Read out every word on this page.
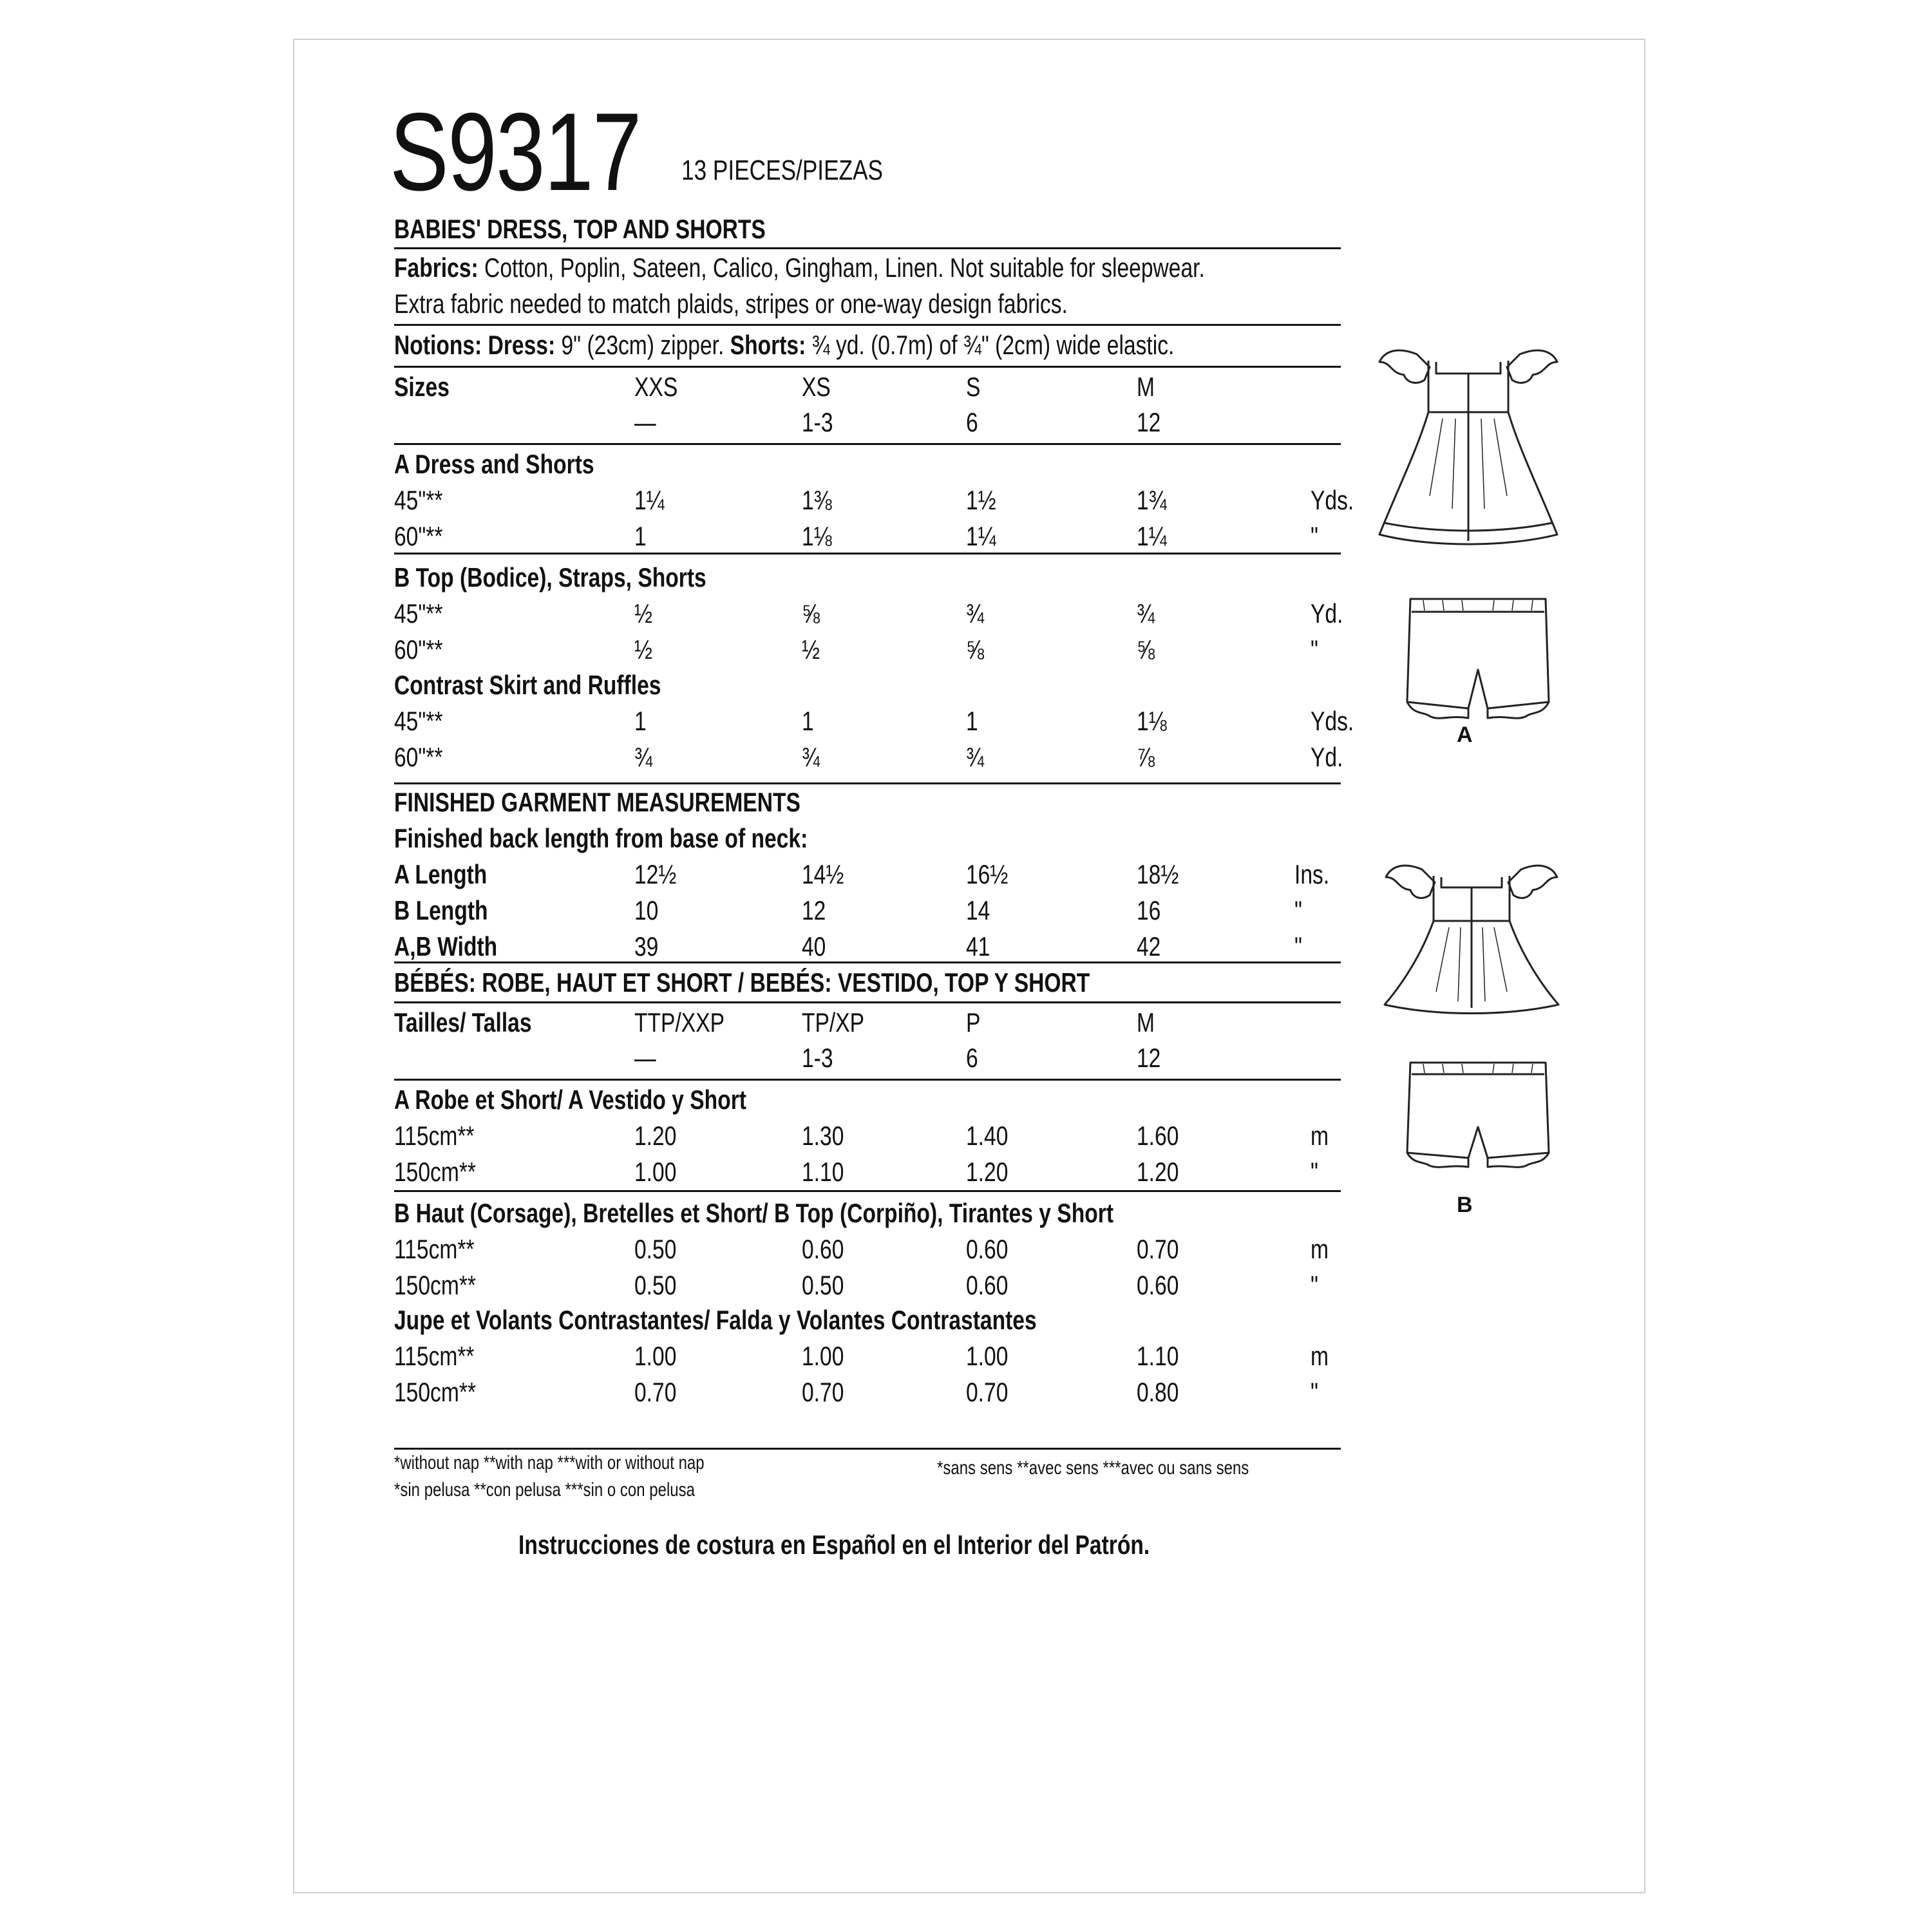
S9317	13 PIECES/PIEZAS
BABIES' DRESS, TOP AND SHORTS
Fabrics: Cotton, Poplin, Sateen, Calico, Gingham, Linen. Not suitable for sleepwear.
Extra fabric needed to match plaids, stripes or one-way design fabrics.
Notions: Dress: 9" (23cm) zipper. Shorts: ¾ yd. (0.7m) of ¾" (2cm) wide elastic.
Sizes	XXS	XS	S	M
—	1-3	6	12
A Dress and Shorts
45"**	1¼	1⅜	1½	1¾	Yds.
60"**	1	1⅛	1¼	1¼	"
B Top (Bodice), Straps, Shorts
45"**	½	⅝	¾	¾	Yd.
60"**	½	½	⅝	⅝	"
Contrast Skirt and Ruffles
45"**	1	1	1	1⅛	Yds.
60"**	¾	¾	¾	⅞	Yd.
FINISHED GARMENT MEASUREMENTS
Finished back length from base of neck:
A Length	12½	14½	16½	18½	Ins.
B Length	10	12	14	16	"
A,B Width	39	40	41	42	"
BÉBÉS: ROBE, HAUT ET SHORT / BEBÉS: VESTIDO, TOP Y SHORT
Tailles/ Tallas	TTP/XXP	TP/XP	P	M
—	1-3	6	12
A Robe et Short/ A Vestido y Short
115cm**	1.20	1.30	1.40	1.60	m
150cm**	1.00	1.10	1.20	1.20	"
B Haut (Corsage), Bretelles et Short/ B Top (Corpiño), Tirantes y Short
115cm**	0.50	0.60	0.60	0.70	m
150cm**	0.50	0.50	0.60	0.60	"
Jupe et Volants Contrastantes/ Falda y Volantes Contrastantes
115cm**	1.00	1.00	1.00	1.10	m
150cm**	0.70	0.70	0.70	0.80	"
*without nap **with nap ***with or without nap
*sin pelusa **con pelusa ***sin o con pelusa
*sans sens **avec sens ***avec ou sans sens
Instrucciones de costura en Español en el Interior del Patrón.
A
B
